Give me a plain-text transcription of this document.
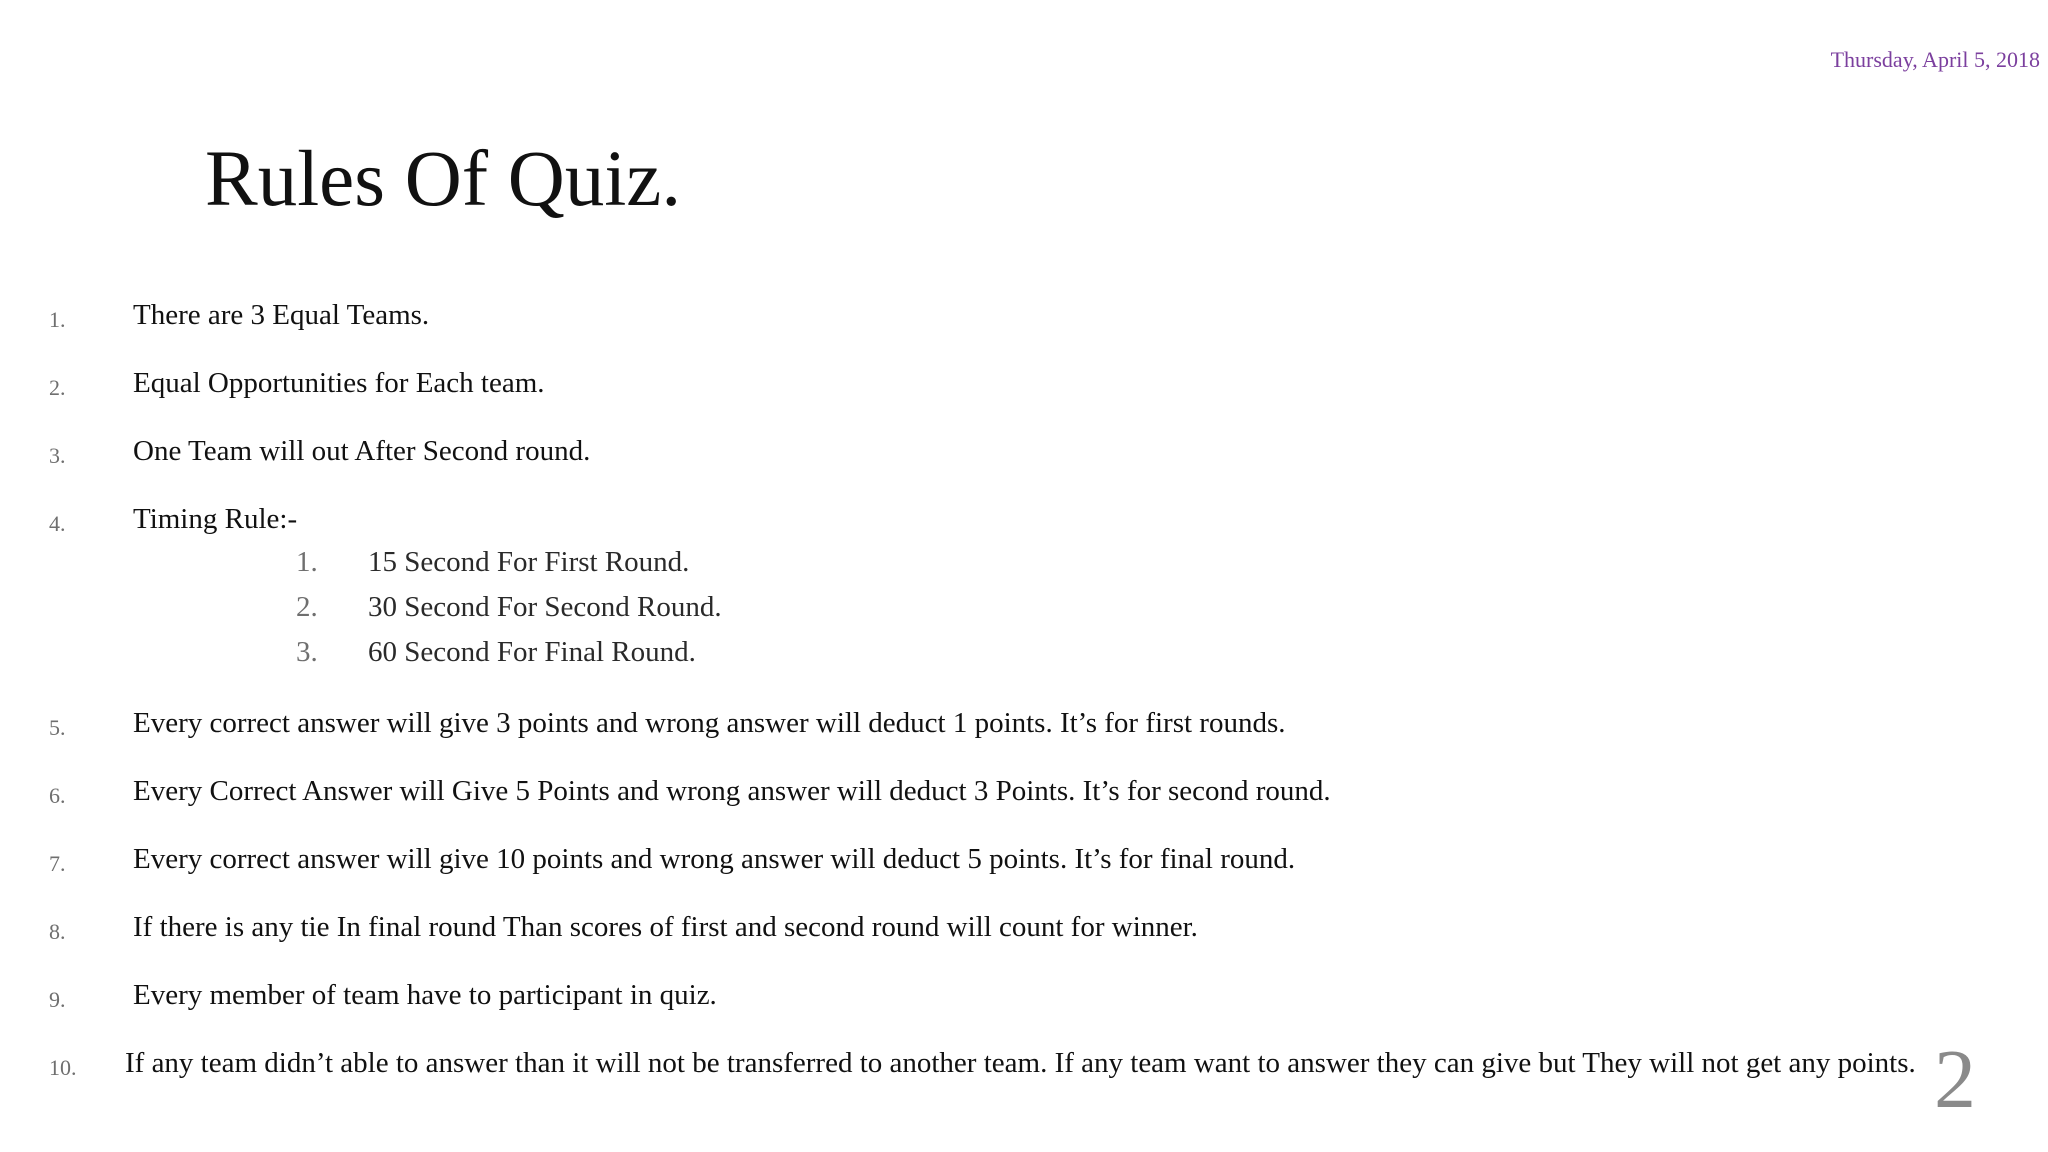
Thursday, April 5, 2018
Rules Of Quiz.
1. There are 3 Equal Teams.
2. Equal Opportunities for Each team.
3. One Team will out After Second round.
4. Timing Rule:-
1. 15 Second For First Round.
2. 30 Second For Second Round.
3. 60 Second For Final Round.
5. Every correct answer will give 3 points and wrong answer will deduct 1 points. It’s for first rounds.
6. Every Correct Answer will Give 5 Points and wrong answer will deduct 3 Points. It’s for second round.
7. Every correct answer will give 10 points and wrong answer will deduct 5 points. It’s for final round.
8. If there is any tie In final round Than scores of first and second round will count for winner.
9. Every member of team have to participant in quiz.
10. If any team didn’t able to answer than it will not be transferred to another team. If any team want to answer they can give but They will not get any points. 2
